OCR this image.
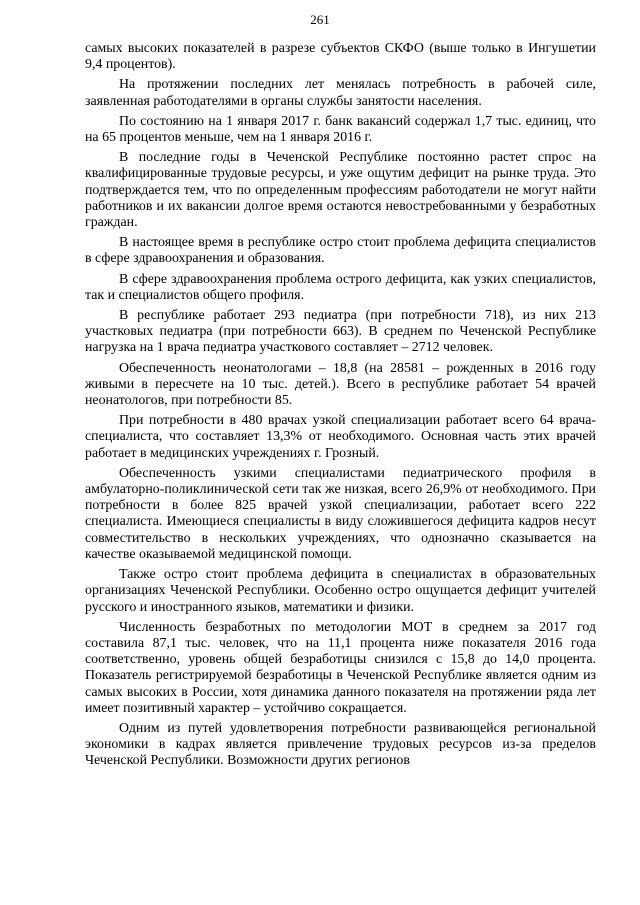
261

самых высоких показателей в разрезе субъектов СКФО (выше только в Ингушетии 9,4 процентов).

На протяжении последних лет менялась потребность в рабочей силе, заявленная работодателями в органы службы занятости населения.

По состоянию на 1 января 2017 г. банк вакансий содержал 1,7 тыс. единиц, что на 65 процентов меньше, чем на 1 января 2016 г.

В последние годы в Чеченской Республике постоянно растет спрос на квалифицированные трудовые ресурсы, и уже ощутим дефицит на рынке труда. Это подтверждается тем, что по определенным профессиям работодатели не могут найти работников и их вакансии долгое время остаются невостребованными у безработных граждан.

В настоящее время в республике остро стоит проблема дефицита специалистов в сфере здравоохранения и образования.

В сфере здравоохранения проблема острого дефицита, как узких специалистов, так и специалистов общего профиля.

В республике работает 293 педиатра (при потребности 718), из них 213 участковых педиатра (при потребности 663). В среднем по Чеченской Республике нагрузка на 1 врача педиатра участкового составляет – 2712 человек.

Обеспеченность неонатологами – 18,8 (на 28581 – рожденных в 2016 году живыми в пересчете на 10 тыс. детей.). Всего в республике работает 54 врачей неонатологов, при потребности 85.

При потребности в 480 врачах узкой специализации работает всего 64 врача-специалиста, что составляет 13,3% от необходимого. Основная часть этих врачей работает в медицинских учреждениях г. Грозный.

Обеспеченность узкими специалистами педиатрического профиля в амбулаторно-поликлинической сети так же низкая, всего 26,9% от необходимого. При потребности в более 825 врачей узкой специализации, работает всего 222 специалиста. Имеющиеся специалисты в виду сложившегося дефицита кадров несут совместительство в нескольких учреждениях, что однозначно сказывается на качестве оказываемой медицинской помощи.

Также остро стоит проблема дефицита в специалистах в образовательных организациях Чеченской Республики. Особенно остро ощущается дефицит учителей русского и иностранного языков, математики и физики.

Численность безработных по методологии МОТ в среднем за 2017 год составила 87,1 тыс. человек, что на 11,1 процента ниже показателя 2016 года соответственно, уровень общей безработицы снизился с 15,8 до 14,0 процента. Показатель регистрируемой безработицы в Чеченской Республике является одним из самых высоких в России, хотя динамика данного показателя на протяжении ряда лет имеет позитивный характер – устойчиво сокращается.

Одним из путей удовлетворения потребности развивающейся региональной экономики в кадрах является привлечение трудовых ресурсов из-за пределов Чеченской Республики. Возможности других регионов
